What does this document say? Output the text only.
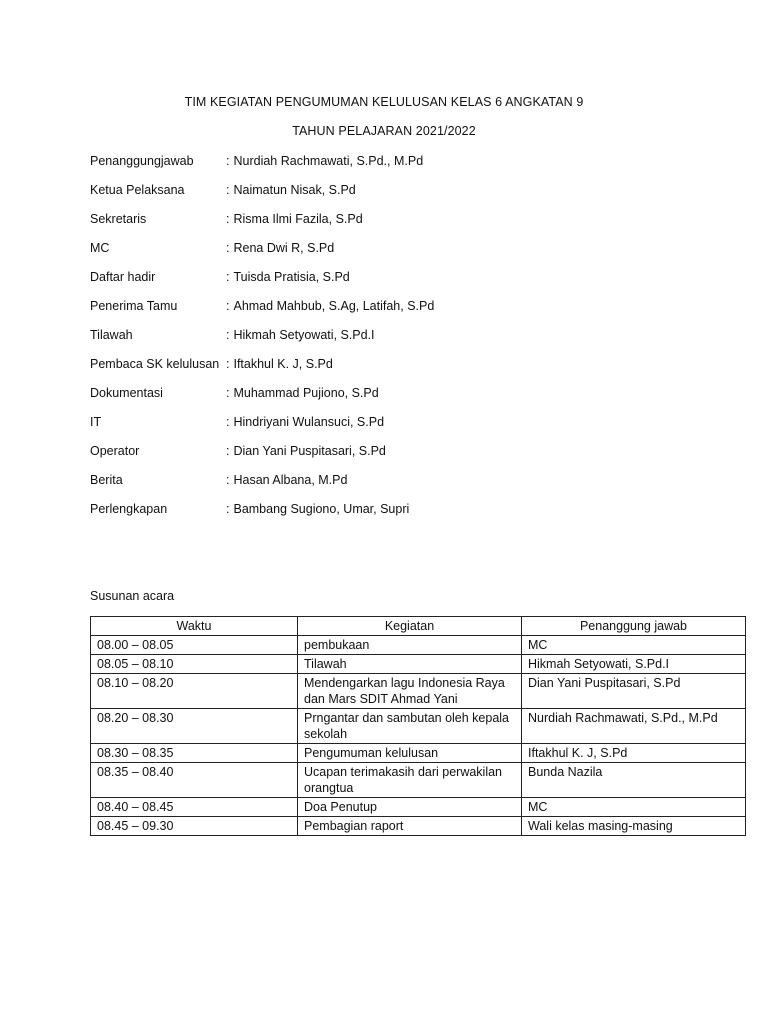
TIM KEGIATAN PENGUMUMAN KELULUSAN KELAS 6 ANGKATAN 9
TAHUN PELAJARAN 2021/2022
Penanggungjawab	: Nurdiah Rachmawati, S.Pd., M.Pd
Ketua Pelaksana	: Naimatun Nisak, S.Pd
Sekretaris	: Risma Ilmi Fazila, S.Pd
MC	: Rena Dwi R, S.Pd
Daftar hadir	: Tuisda Pratisia, S.Pd
Penerima Tamu	: Ahmad Mahbub, S.Ag, Latifah, S.Pd
Tilawah	: Hikmah Setyowati, S.Pd.I
Pembaca SK kelulusan : Iftakhul K. J, S.Pd
Dokumentasi	: Muhammad Pujiono, S.Pd
IT	: Hindriyani Wulansuci, S.Pd
Operator	: Dian Yani Puspitasari, S.Pd
Berita	: Hasan Albana, M.Pd
Perlengkapan	: Bambang Sugiono, Umar, Supri
Susunan acara
Waktu	Kegiatan	Penanggung jawab
08.00 – 08.05	pembukaan	MC
08.05 – 08.10	Tilawah	Hikmah Setyowati, S.Pd.I
08.10 – 08.20	Mendengarkan lagu Indonesia Raya dan Mars SDIT Ahmad Yani	Dian Yani Puspitasari, S.Pd
08.20 – 08.30	Prngantar dan sambutan oleh kepala sekolah	Nurdiah Rachmawati, S.Pd., M.Pd
08.30 – 08.35	Pengumuman kelulusan	Iftakhul K. J, S.Pd
08.35 – 08.40	Ucapan terimakasih dari perwakilan orangtua	Bunda Nazila
08.40 – 08.45	Doa Penutup	MC
08.45 – 09.30	Pembagian raport	Wali kelas masing-masing
